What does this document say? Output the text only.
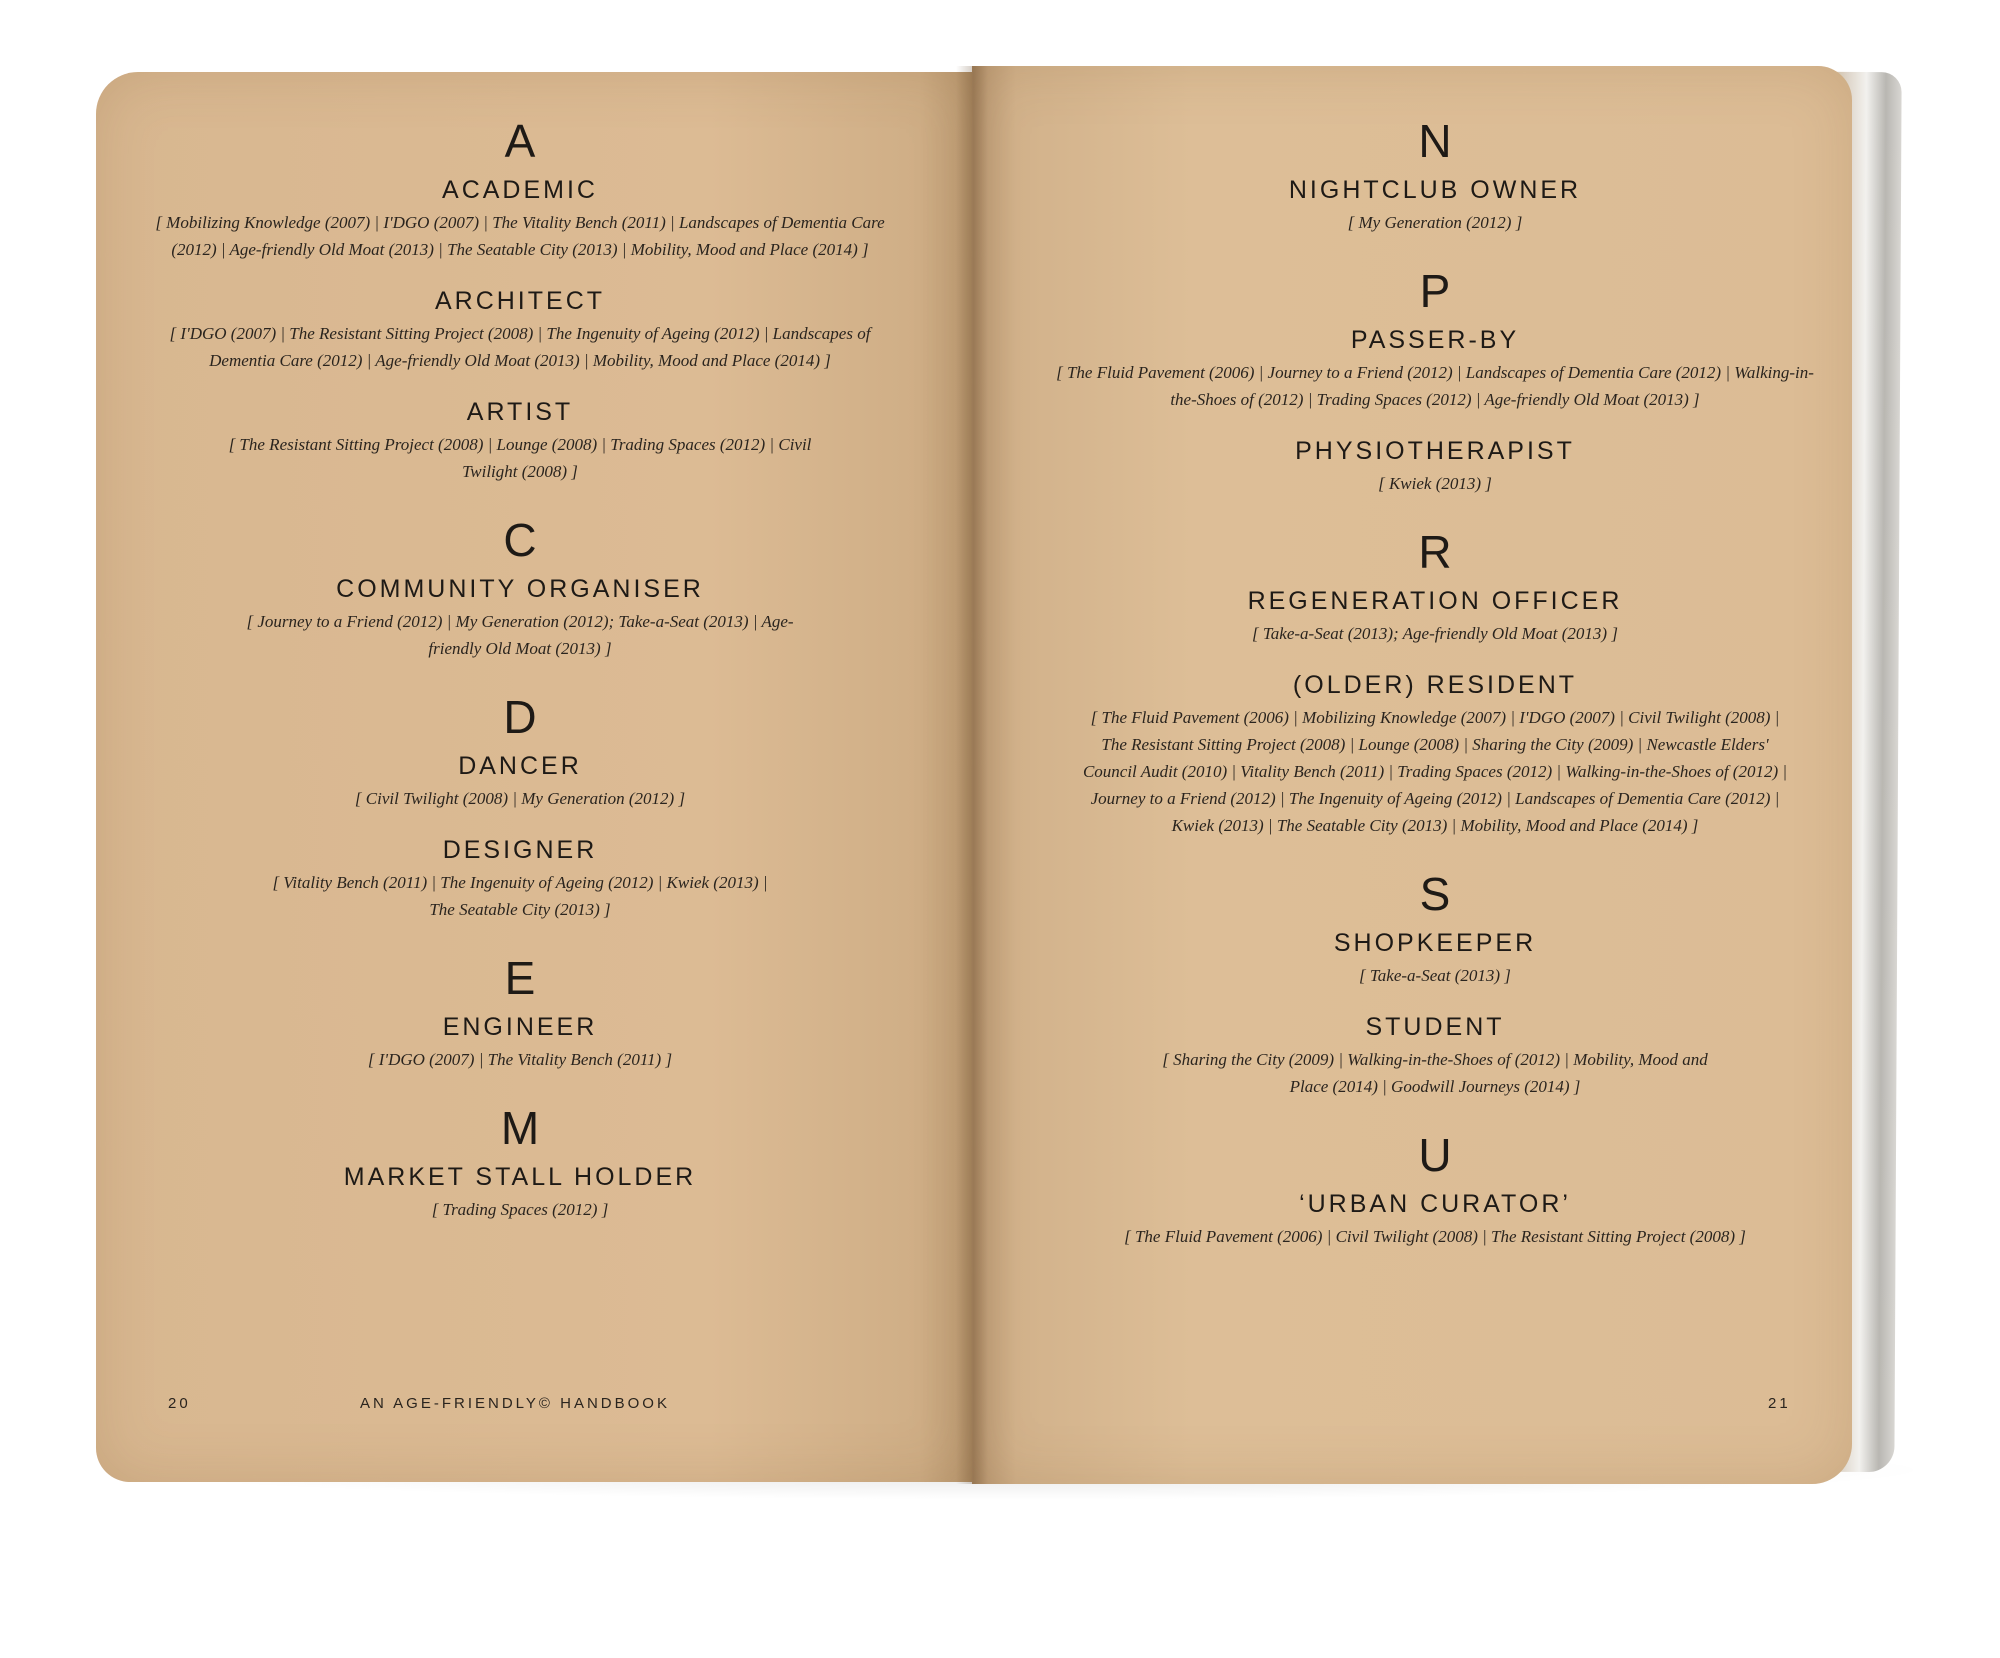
A
ACADEMIC

[ Mobilizing Knowledge (2007) | I'DGO (2007) | The Vitality Bench (2011) | Landscapes of Dementia Care (2012) | Age-friendly Old Moat (2013) | The Seatable City (2013) | Mobility, Mood and Place (2014) ]

ARCHITECT

[ I'DGO (2007) | The Resistant Sitting Project (2008) | The Ingenuity of Ageing (2012) | Landscapes of Dementia Care (2012) | Age-friendly Old Moat (2013) | Mobility, Mood and Place (2014) ]

ARTIST

[ The Resistant Sitting Project (2008) | Lounge (2008) | Trading Spaces (2012) | Civil Twilight (2008) ]

C
COMMUNITY ORGANISER

[ Journey to a Friend (2012) | My Generation (2012); Take-a-Seat (2013) | Age-friendly Old Moat (2013) ]

D
DANCER

[ Civil Twilight (2008) | My Generation (2012) ]

DESIGNER

[ Vitality Bench (2011) | The Ingenuity of Ageing (2012) | Kwiek (2013) | The Seatable City (2013) ]

E
ENGINEER

[ I'DGO (2007) | The Vitality Bench (2011) ]

M
MARKET STALL HOLDER

[ Trading Spaces (2012) ]

20	AN AGE-FRIENDLY© HANDBOOK
N
NIGHTCLUB OWNER

[ My Generation (2012) ]

P
PASSER-BY

[ The Fluid Pavement (2006) | Journey to a Friend (2012) | Landscapes of Dementia Care (2012) | Walking-in-the-Shoes of (2012) | Trading Spaces (2012) | Age-friendly Old Moat (2013) ]

PHYSIOTHERAPIST

[ Kwiek (2013) ]

R
REGENERATION OFFICER

[ Take-a-Seat (2013); Age-friendly Old Moat (2013) ]

(OLDER) RESIDENT

[ The Fluid Pavement (2006) | Mobilizing Knowledge (2007) | I'DGO (2007) | Civil Twilight (2008) | The Resistant Sitting Project (2008) | Lounge (2008) | Sharing the City (2009) | Newcastle Elders' Council Audit (2010) | Vitality Bench (2011) | Trading Spaces (2012) | Walking-in-the-Shoes of (2012) | Journey to a Friend (2012) | The Ingenuity of Ageing (2012) | Landscapes of Dementia Care (2012) | Kwiek (2013) | The Seatable City (2013) | Mobility, Mood and Place (2014) ]

S
SHOPKEEPER

[ Take-a-Seat (2013) ]

STUDENT

[ Sharing the City (2009) | Walking-in-the-Shoes of (2012) | Mobility, Mood and Place (2014) | Goodwill Journeys (2014) ]

U
‘URBAN CURATOR’

[ The Fluid Pavement (2006) | Civil Twilight (2008) | The Resistant Sitting Project (2008) ]

21
